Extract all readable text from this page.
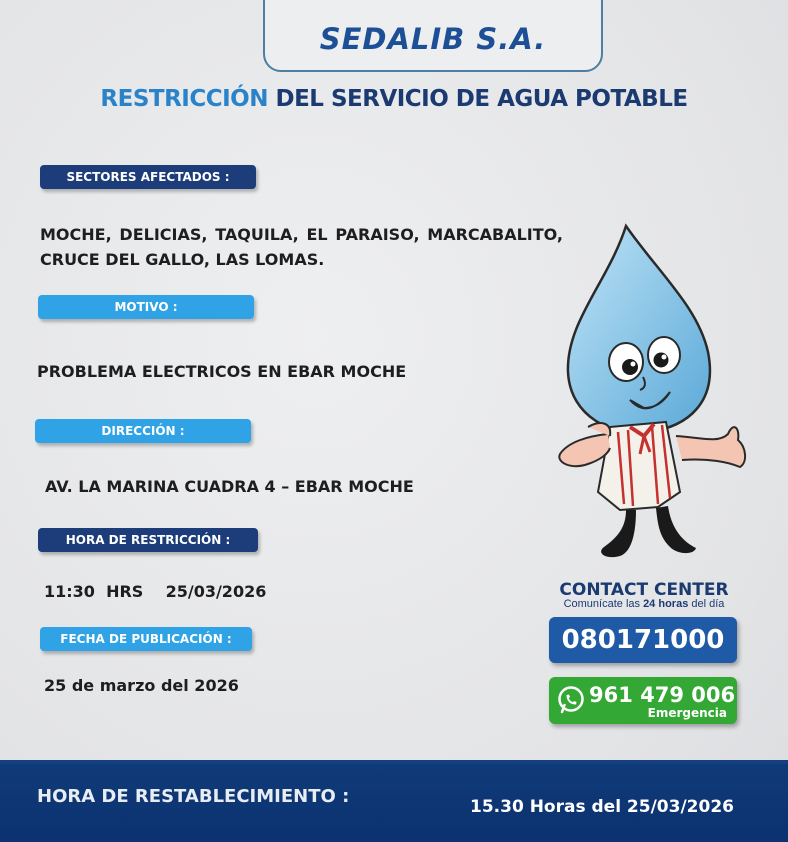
SEDALIB S.A.
RESTRICCIÓN DEL SERVICIO DE AGUA POTABLE
SECTORES AFECTADOS :
MOCHE, DELICIAS, TAQUILA, EL PARAISO, MARCABALITO, CRUCE DEL GALLO, LAS LOMAS.
MOTIVO :
PROBLEMA ELECTRICOS EN EBAR MOCHE
DIRECCIÓN :
AV. LA MARINA CUADRA 4 – EBAR MOCHE
HORA DE RESTRICCIÓN :
11:30  HRS    25/03/2026
FECHA DE PUBLICACIÓN :
25 de marzo del 2026
CONTACT CENTER
Comunícate las 24 horas del día
080171000
961 479 006
Emergencia
HORA DE RESTABLECIMIENTO :	15.30 Horas del 25/03/2026
